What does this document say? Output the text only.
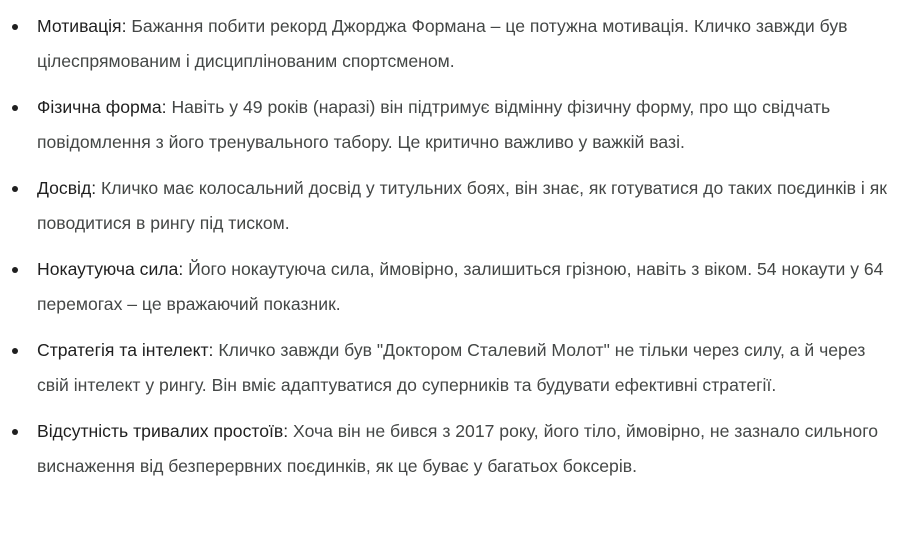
Мотивація: Бажання побити рекорд Джорджа Формана – це потужна мотивація. Кличко завжди був цілеспрямованим і дисциплінованим спортсменом.
Фізична форма: Навіть у 49 років (наразі) він підтримує відмінну фізичну форму, про що свідчать повідомлення з його тренувального табору. Це критично важливо у важкій вазі.
Досвід: Кличко має колосальний досвід у титульних боях, він знає, як готуватися до таких поєдинків і як поводитися в рингу під тиском.
Нокаутуюча сила: Його нокаутуюча сила, ймовірно, залишиться грізною, навіть з віком. 54 нокаути у 64 перемогах – це вражаючий показник.
Стратегія та інтелект: Кличко завжди був "Доктором Сталевий Молот" не тільки через силу, а й через свій інтелект у рингу. Він вміє адаптуватися до суперників та будувати ефективні стратегії.
Відсутність тривалих простоїв: Хоча він не бився з 2017 року, його тіло, ймовірно, не зазнало сильного виснаження від безперервних поєдинків, як це буває у багатьох боксерів.
